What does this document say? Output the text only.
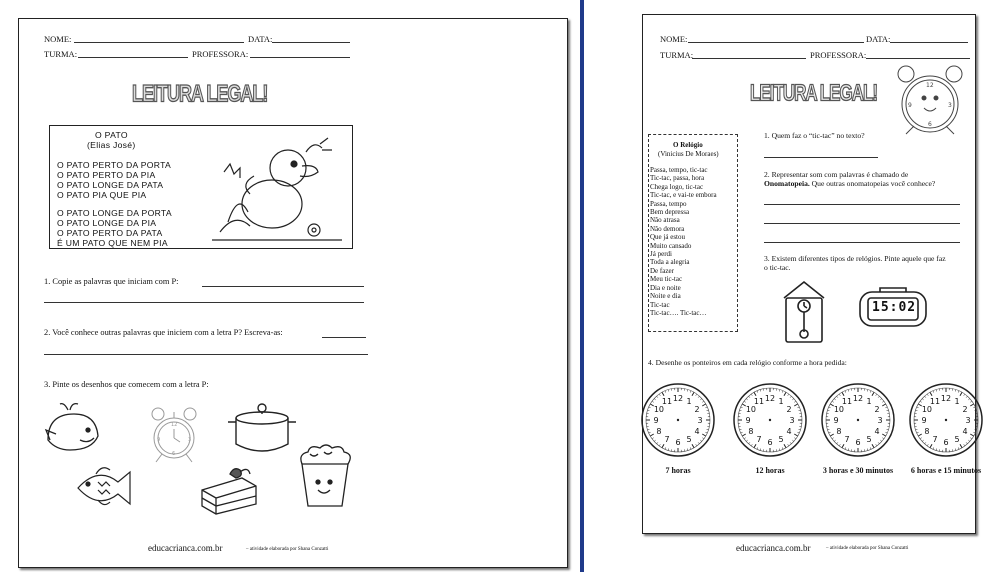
NOME:	DATA:
TURMA:	PROFESSORA:
LEITURA LEGAL!
O PATO
(Elias José)
O PATO PERTO DA PORTA
O PATO PERTO DA PIA
O PATO LONGE DA PATA
O PATO PIA QUE PIA
O PATO LONGE DA PORTA
O PATO LONGE DA PIA
O PATO PERTO DA PATA
É UM PATO QUE NEM PIA
1. Copie as palavras que iniciam com P:
2. Você conhece outras palavras que iniciem com a letra P? Escreva-as:
3. Pinte os desenhos que comecem com a letra P:
12
3
6
9
educacrianca.com.br	– atividade elaborada por Shana Conzatti
NOME:	DATA:
TURMA:	PROFESSORA:
LEITURA LEGAL!	12
3
6
9
O Relógio
(Vinicius De Moraes)
Passa, tempo, tic-tac
Tic-tac, passa, hora
Chega logo, tic-tac
Tic-tac, e vai-te embora
Passa, tempo
Bem depressa
Não atrasa
Não demora
Que já estou
Muito cansado
Já perdi
Toda a alegria
De fazer
Meu tic-tac
Dia e noite
Noite e dia
Tic-tac
Tic-tac…. Tic-tac…
1. Quem faz o “tic-tac” no texto?
2. Representar som com palavras é chamado de
Onomatopeia. Que outras onomatopeias você conhece?
3. Existem diferentes tipos de relógios. Pinte aquele que faz
o tic-tac.
15:02
4. Desenhe os ponteiros em cada relógio conforme a hora pedida:
12 1
2
3
4
5
6
7
8
9
10
11
7 horas
12 1
2
3
4
5
6
7
8
9
10
11
12 horas
12 1
2
3
4
5
6
7
8
9
10
11
3 horas e 30 minutos
12 1
2
3
4
5
6
7
8
9
10
11
6 horas e 15 minutos
educacrianca.com.br	– atividade elaborada por Shana Conzatti
